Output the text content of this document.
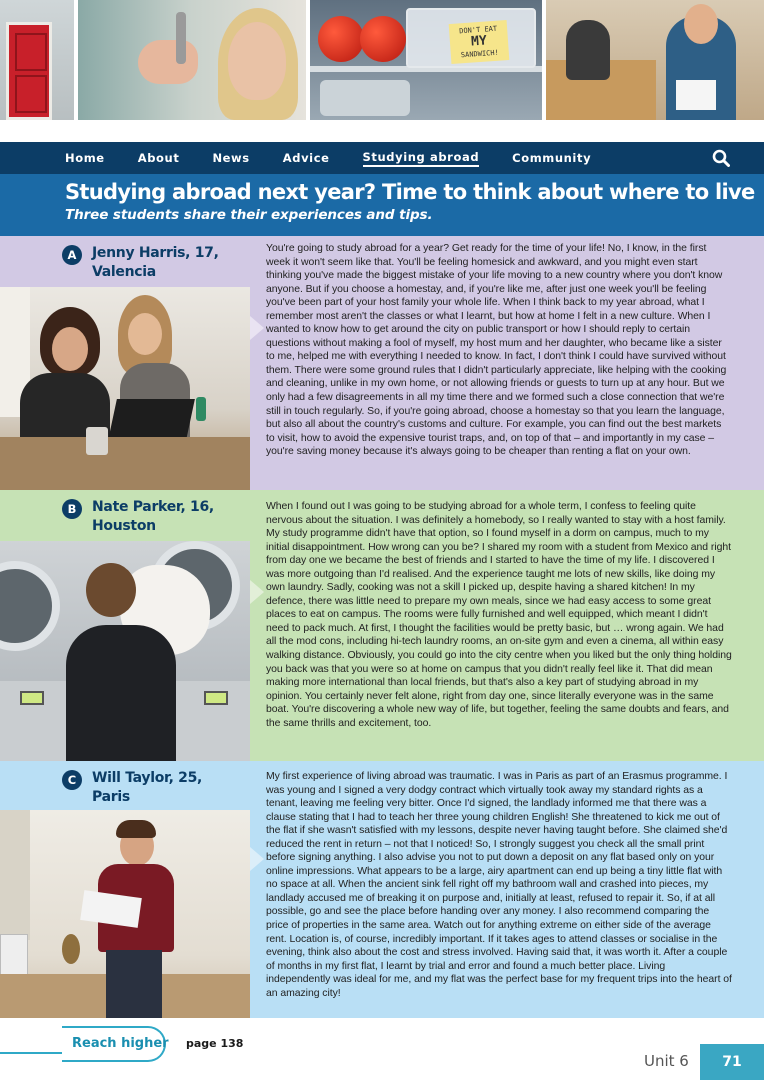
DON'T EAT
MY
SANDWICH!
Home	About	News	Advice	Studying abroad	Community
Studying abroad next year? Time to think about where to live
Three students share their experiences and tips.
A	Jenny Harris, 17,
Valencia
You're going to study abroad for a year? Get ready for the time of your life! No, I know, in the first week it won't seem like that. You'll be feeling homesick and awkward, and you might even start thinking you've made the biggest mistake of your life moving to a new country where you don't know anyone. But if you choose a homestay, and, if you're like me, after just one week you'll be feeling you've been part of your host family your whole life. When I think back to my year abroad, what I remember most aren't the classes or what I learnt, but how at home I felt in a new culture. When I wanted to know how to get around the city on public transport or how I should reply to certain questions without making a fool of myself, my host mum and her daughter, who became like a sister to me, helped me with everything I needed to know. In fact, I don't think I could have survived without them. There were some ground rules that I didn't particularly appreciate, like helping with the cooking and cleaning, unlike in my own home, or not allowing friends or guests to turn up at any hour. But we only had a few disagreements in all my time there and we formed such a close connection that we're still in touch regularly. So, if you're going abroad, choose a homestay so that you learn the language, but also all about the country's customs and culture. For example, you can find out the best markets to visit, how to avoid the expensive tourist traps, and, on top of that – and importantly in my case – you're saving money because it's always going to be cheaper than renting a flat on your own.
B	Nate Parker, 16,
Houston
When I found out I was going to be studying abroad for a whole term, I confess to feeling quite nervous about the situation. I was definitely a homebody, so I really wanted to stay with a host family. My study programme didn't have that option, so I found myself in a dorm on campus, much to my initial disappointment. How wrong can you be? I shared my room with a student from Mexico and right from day one we became the best of friends and I started to have the time of my life. I discovered I was more outgoing than I'd realised. And the experience taught me lots of new skills, like doing my own laundry. Sadly, cooking was not a skill I picked up, despite having a shared kitchen! In my defence, there was little need to prepare my own meals, since we had easy access to some great places to eat on campus. The rooms were fully furnished and well equipped, which meant I didn't need to pack much. At first, I thought the facilities would be pretty basic, but … wrong again. We had all the mod cons, including hi-tech laundry rooms, an on-site gym and even a cinema, all within easy walking distance. Obviously, you could go into the city centre when you liked but the only thing holding you back was that you were so at home on campus that you didn't really feel like it. That did mean making more international than local friends, but that's also a key part of studying abroad in my opinion. You certainly never felt alone, right from day one, since literally everyone was in the same boat. You're discovering a whole new way of life, but together, feeling the same doubts and fears, and the same thrills and excitement, too.
C	Will Taylor, 25,
Paris
My first experience of living abroad was traumatic. I was in Paris as part of an Erasmus programme. I was young and I signed a very dodgy contract which virtually took away my standard rights as a tenant, leaving me feeling very bitter. Once I'd signed, the landlady informed me that there was a clause stating that I had to teach her three young children English! She threatened to kick me out of the flat if she wasn't satisfied with my lessons, despite never having taught before. She claimed she'd reduced the rent in return – not that I noticed! So, I strongly suggest you check all the small print before signing anything. I also advise you not to put down a deposit on any flat based only on your online impressions. What appears to be a large, airy apartment can end up being a tiny little flat with no space at all. When the ancient sink fell right off my bathroom wall and crashed into pieces, my landlady accused me of breaking it on purpose and, initially at least, refused to repair it. So, if at all possible, go and see the place before handing over any money. I also recommend comparing the price of properties in the same area. Watch out for anything extreme on either side of the average rent. Location is, of course, incredibly important. If it takes ages to attend classes or socialise in the evening, think also about the cost and stress involved. Having said that, it was worth it. After a couple of months in my first flat, I learnt by trial and error and found a much better place. Living independently was ideal for me, and my flat was the perfect base for my frequent trips into the heart of an amazing city!
Reach higher page 138
Unit 6	71
